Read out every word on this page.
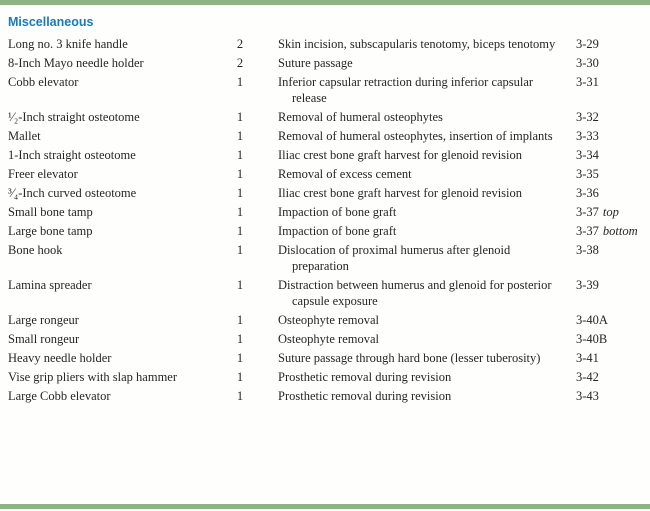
Miscellaneous			

Long no. 3 knife handle	2	Skin incision, subscapularis tenotomy, biceps tenotomy	3-29

8-Inch Mayo needle holder	2	Suture passage	3-30

Cobb elevator	1	Inferior capsular retraction during inferior capsular release	3-31

¹⁄₂-Inch straight osteotome	1	Removal of humeral osteophytes	3-32

Mallet	1	Removal of humeral osteophytes, insertion of implants	3-33

1-Inch straight osteotome	1	Iliac crest bone graft harvest for glenoid revision	3-34

Freer elevator	1	Removal of excess cement	3-35

³⁄₄-Inch curved osteotome	1	Iliac crest bone graft harvest for glenoid revision	3-36

Small bone tamp	1	Impaction of bone graft	3-37 top

Large bone tamp	1	Impaction of bone graft	3-37 bottom

Bone hook	1	Dislocation of proximal humerus after glenoid preparation	3-38

Lamina spreader	1	Distraction between humerus and glenoid for posterior capsule exposure	3-39

Large rongeur	1	Osteophyte removal	3-40A

Small rongeur	1	Osteophyte removal	3-40B

Heavy needle holder	1	Suture passage through hard bone (lesser tuberosity)	3-41

Vise grip pliers with slap hammer	1	Prosthetic removal during revision	3-42

Large Cobb elevator	1	Prosthetic removal during revision	3-43
